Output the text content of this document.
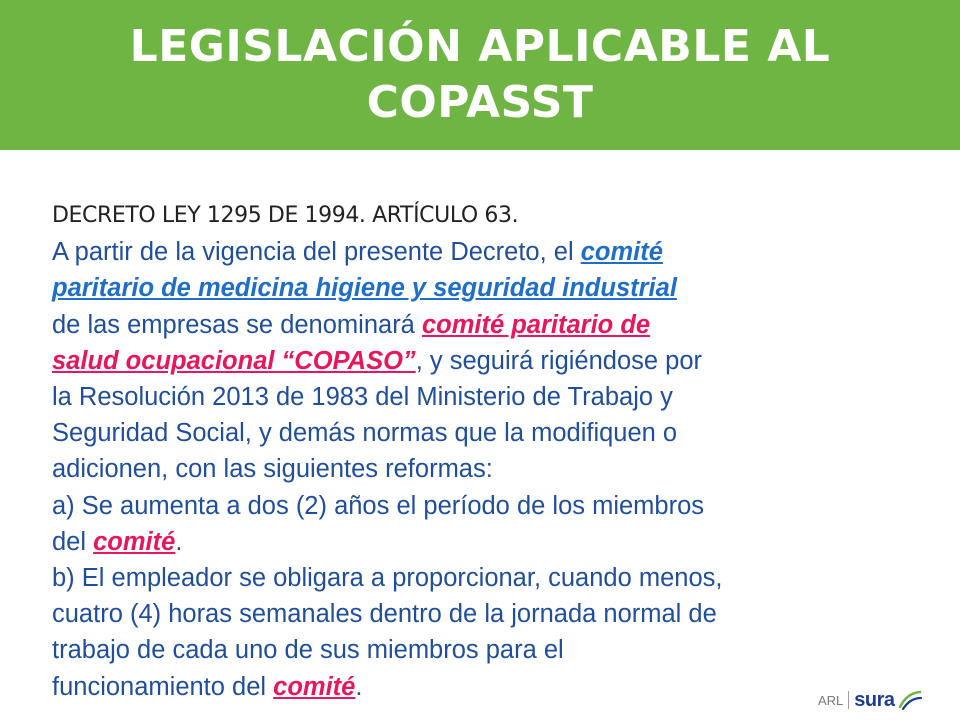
LEGISLACIÓN APLICABLE AL
COPASST
DECRETO LEY 1295 DE 1994. ARTÍCULO 63.
A partir de la vigencia del presente Decreto, el comité
paritario de medicina higiene y seguridad industrial
de las empresas se denominará comité paritario de
salud ocupacional “COPASO”, y seguirá rigiéndose por
la Resolución 2013 de 1983 del Ministerio de Trabajo y
Seguridad Social, y demás normas que la modifiquen o
adicionen, con las siguientes reformas:
a) Se aumenta a dos (2) años el período de los miembros
del comité.
b) El empleador se obligara a proporcionar, cuando menos,
cuatro (4) horas semanales dentro de la jornada normal de
trabajo de cada uno de sus miembros para el
funcionamiento del comité.	ARL sura
